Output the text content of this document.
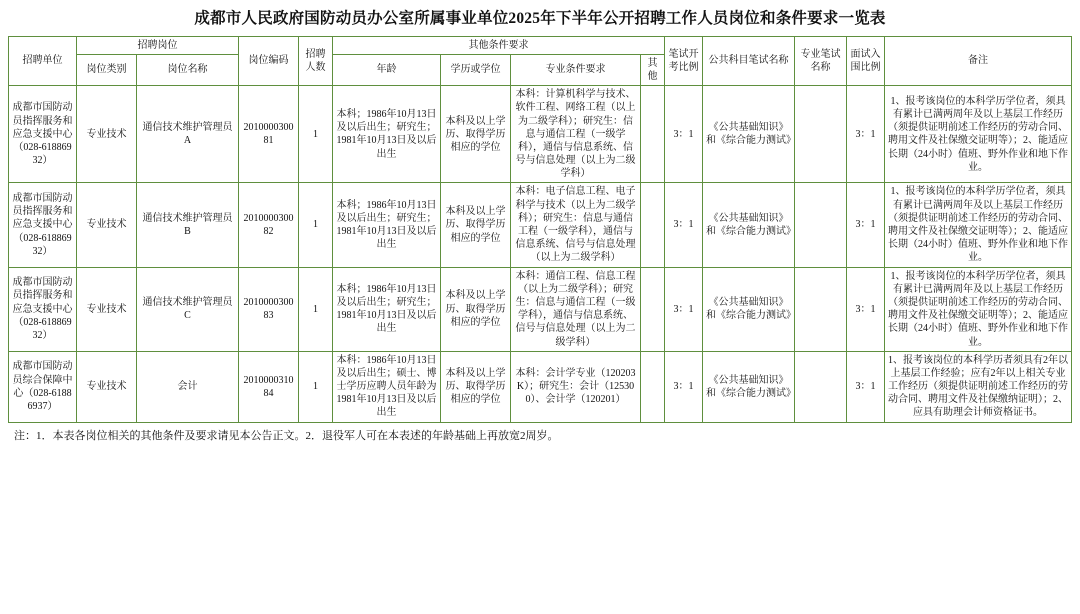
成都市人民政府国防动员办公室所属事业单位2025年下半年公开招聘工作人员岗位和条件要求一览表
招聘单位	招聘岗位		岗位编码	招聘人数	其他条件要求				笔试开考比例	公共科目笔试名称	专业笔试名称	面试入围比例	备注
	岗位类别	岗位名称			年龄	学历或学位	专业条件要求	其他					

成都市国防动员指挥服务和应急支援中心（028-61886932）	专业技术	通信技术维护管理员A	201000030081	1	本科；1986年10月13日及以后出生；研究生；1981年10月13日及以后出生	本科及以上学历、取得学历相应的学位	本科：计算机科学与技术、软件工程、网络工程（以上为二级学科）；研究生：信息与通信工程（一级学科），通信与信息系统、信号与信息处理（以上为二级学科）		3：1	《公共基础知识》和《综合能力测试》		3：1	1、报考该岗位的本科学历学位者，须具有累计已满两周年及以上基层工作经历（须提供证明前述工作经历的劳动合同、聘用文件及社保缴交证明等）；2、能适应长期（24小时）值班、野外作业和地下作业。
成都市国防动员指挥服务和应急支援中心（028-61886932）	专业技术	通信技术维护管理员B	201000030082	1	本科；1986年10月13日及以后出生；研究生；1981年10月13日及以后出生	本科及以上学历、取得学历相应的学位	本科：电子信息工程、电子科学与技术（以上为二级学科）；研究生：信息与通信工程（一级学科），通信与信息系统、信号与信息处理（以上为二级学科）		3：1	《公共基础知识》和《综合能力测试》		3：1	1、报考该岗位的本科学历学位者，须具有累计已满两周年及以上基层工作经历（须提供证明前述工作经历的劳动合同、聘用文件及社保缴交证明等）；2、能适应长期（24小时）值班、野外作业和地下作业。
成都市国防动员指挥服务和应急支援中心（028-61886932）	专业技术	通信技术维护管理员C	201000030083	1	本科；1986年10月13日及以后出生；研究生；1981年10月13日及以后出生	本科及以上学历、取得学历相应的学位	本科：通信工程、信息工程（以上为二级学科）；研究生：信息与通信工程（一级学科），通信与信息系统、信号与信息处理（以上为二级学科）		3：1	《公共基础知识》和《综合能力测试》		3：1	1、报考该岗位的本科学历学位者，须具有累计已满两周年及以上基层工作经历（须提供证明前述工作经历的劳动合同、聘用文件及社保缴交证明等）；2、能适应长期（24小时）值班、野外作业和地下作业。
成都市国防动员综合保障中心（028-61886937）	专业技术	会计	201000031084	1	本科：1986年10月13日及以后出生；硕士、博士学历应聘人员年龄为1981年10月13日及以后出生	本科及以上学历、取得学历相应的学位	本科：会计学专业（120203K）；研究生：会计（125300）、会计学（120201）		3：1	《公共基础知识》和《综合能力测试》		3：1	1、报考该岗位的本科学历者须具有2年以上基层工作经验；应有2年以上相关专业工作经历（须提供证明前述工作经历的劳动合同、聘用文件及社保缴纳证明）；2、应具有助理会计师资格证书。
注：1．本表各岗位相关的其他条件及要求请见本公告正文。2．退役军人可在本表述的年龄基础上再放宽2周岁。
